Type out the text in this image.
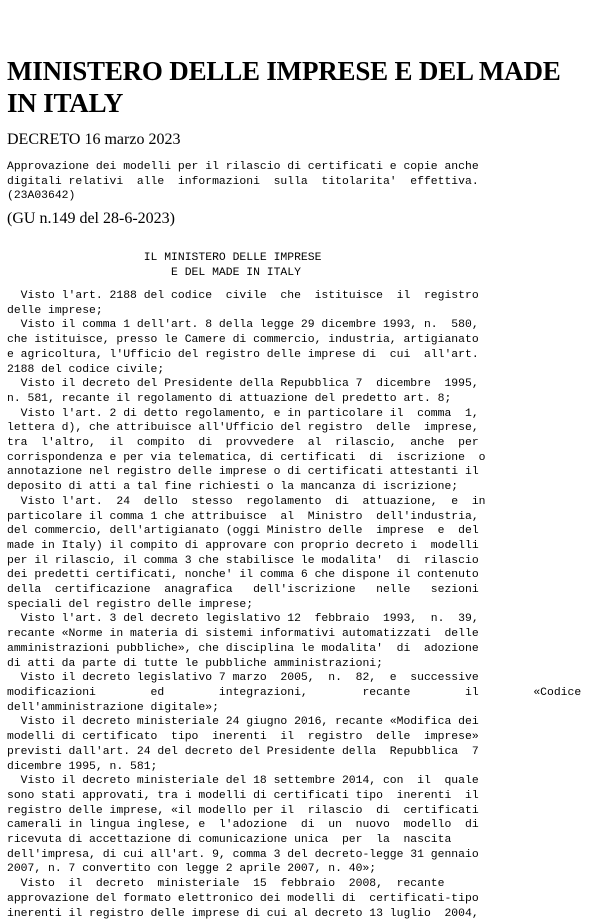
MINISTERO DELLE IMPRESE E DEL MADE IN ITALY

DECRETO 16 marzo 2023

Approvazione dei modelli per il rilascio di certificati e copie anche
digitali relativi  alle  informazioni  sulla  titolarita'  effettiva.
(23A03642)

(GU n.149 del 28-6-2023)

IL MINISTERO DELLE IMPRESE
E DEL MADE IN ITALY
Visto l'art. 2188 del codice  civile  che  istituisce  il  registro
delle imprese;
Visto il comma 1 dell'art. 8 della legge 29 dicembre 1993, n.  580,
che istituisce, presso le Camere di commercio, industria, artigianato
e agricoltura, l'Ufficio del registro delle imprese di  cui  all'art.
2188 del codice civile;
Visto il decreto del Presidente della Repubblica 7  dicembre  1995,
n. 581, recante il regolamento di attuazione del predetto art. 8;
Visto l'art. 2 di detto regolamento, e in particolare il  comma  1,
lettera d), che attribuisce all'Ufficio del registro  delle  imprese,
tra  l'altro,  il  compito  di  provvedere  al  rilascio,  anche  per
corrispondenza e per via telematica, di certificati  di  iscrizione  o
annotazione nel registro delle imprese o di certificati attestanti il
deposito di atti a tal fine richiesti o la mancanza di iscrizione;
Visto l'art.  24  dello  stesso  regolamento  di  attuazione,  e  in
particolare il comma 1 che attribuisce  al  Ministro  dell'industria,
del commercio, dell'artigianato (oggi Ministro delle  imprese  e  del
made in Italy) il compito di approvare con proprio decreto i  modelli
per il rilascio, il comma 3 che stabilisce le modalita'  di  rilascio
dei predetti certificati, nonche' il comma 6 che dispone il contenuto
della  certificazione  anagrafica   dell'iscrizione   nelle   sezioni
speciali del registro delle imprese;
Visto l'art. 3 del decreto legislativo 12  febbraio  1993,  n.  39,
recante «Norme in materia di sistemi informativi automatizzati  delle
amministrazioni pubbliche», che disciplina le modalita'  di  adozione
di atti da parte di tutte le pubbliche amministrazioni;
Visto il decreto legislativo 7 marzo  2005,  n.  82,  e  successive
modificazioni        ed        integrazioni,        recante        il        «Codice
dell'amministrazione digitale»;
Visto il decreto ministeriale 24 giugno 2016, recante «Modifica dei
modelli di certificato  tipo  inerenti  il  registro  delle  imprese»
previsti dall'art. 24 del decreto del Presidente della  Repubblica  7
dicembre 1995, n. 581;
Visto il decreto ministeriale del 18 settembre 2014, con  il  quale
sono stati approvati, tra i modelli di certificati tipo  inerenti  il
registro delle imprese, «il modello per il  rilascio  di  certificati
camerali in lingua inglese, e  l'adozione  di  un  nuovo  modello  di
ricevuta di accettazione di comunicazione unica  per  la  nascita
dell'impresa, di cui all'art. 9, comma 3 del decreto-legge 31 gennaio
2007, n. 7 convertito con legge 2 aprile 2007, n. 40»;
Visto  il  decreto  ministeriale  15  febbraio  2008,  recante
approvazione del formato elettronico dei modelli di  certificati-tipo
inerenti il registro delle imprese di cui al decreto 13 luglio  2004,
